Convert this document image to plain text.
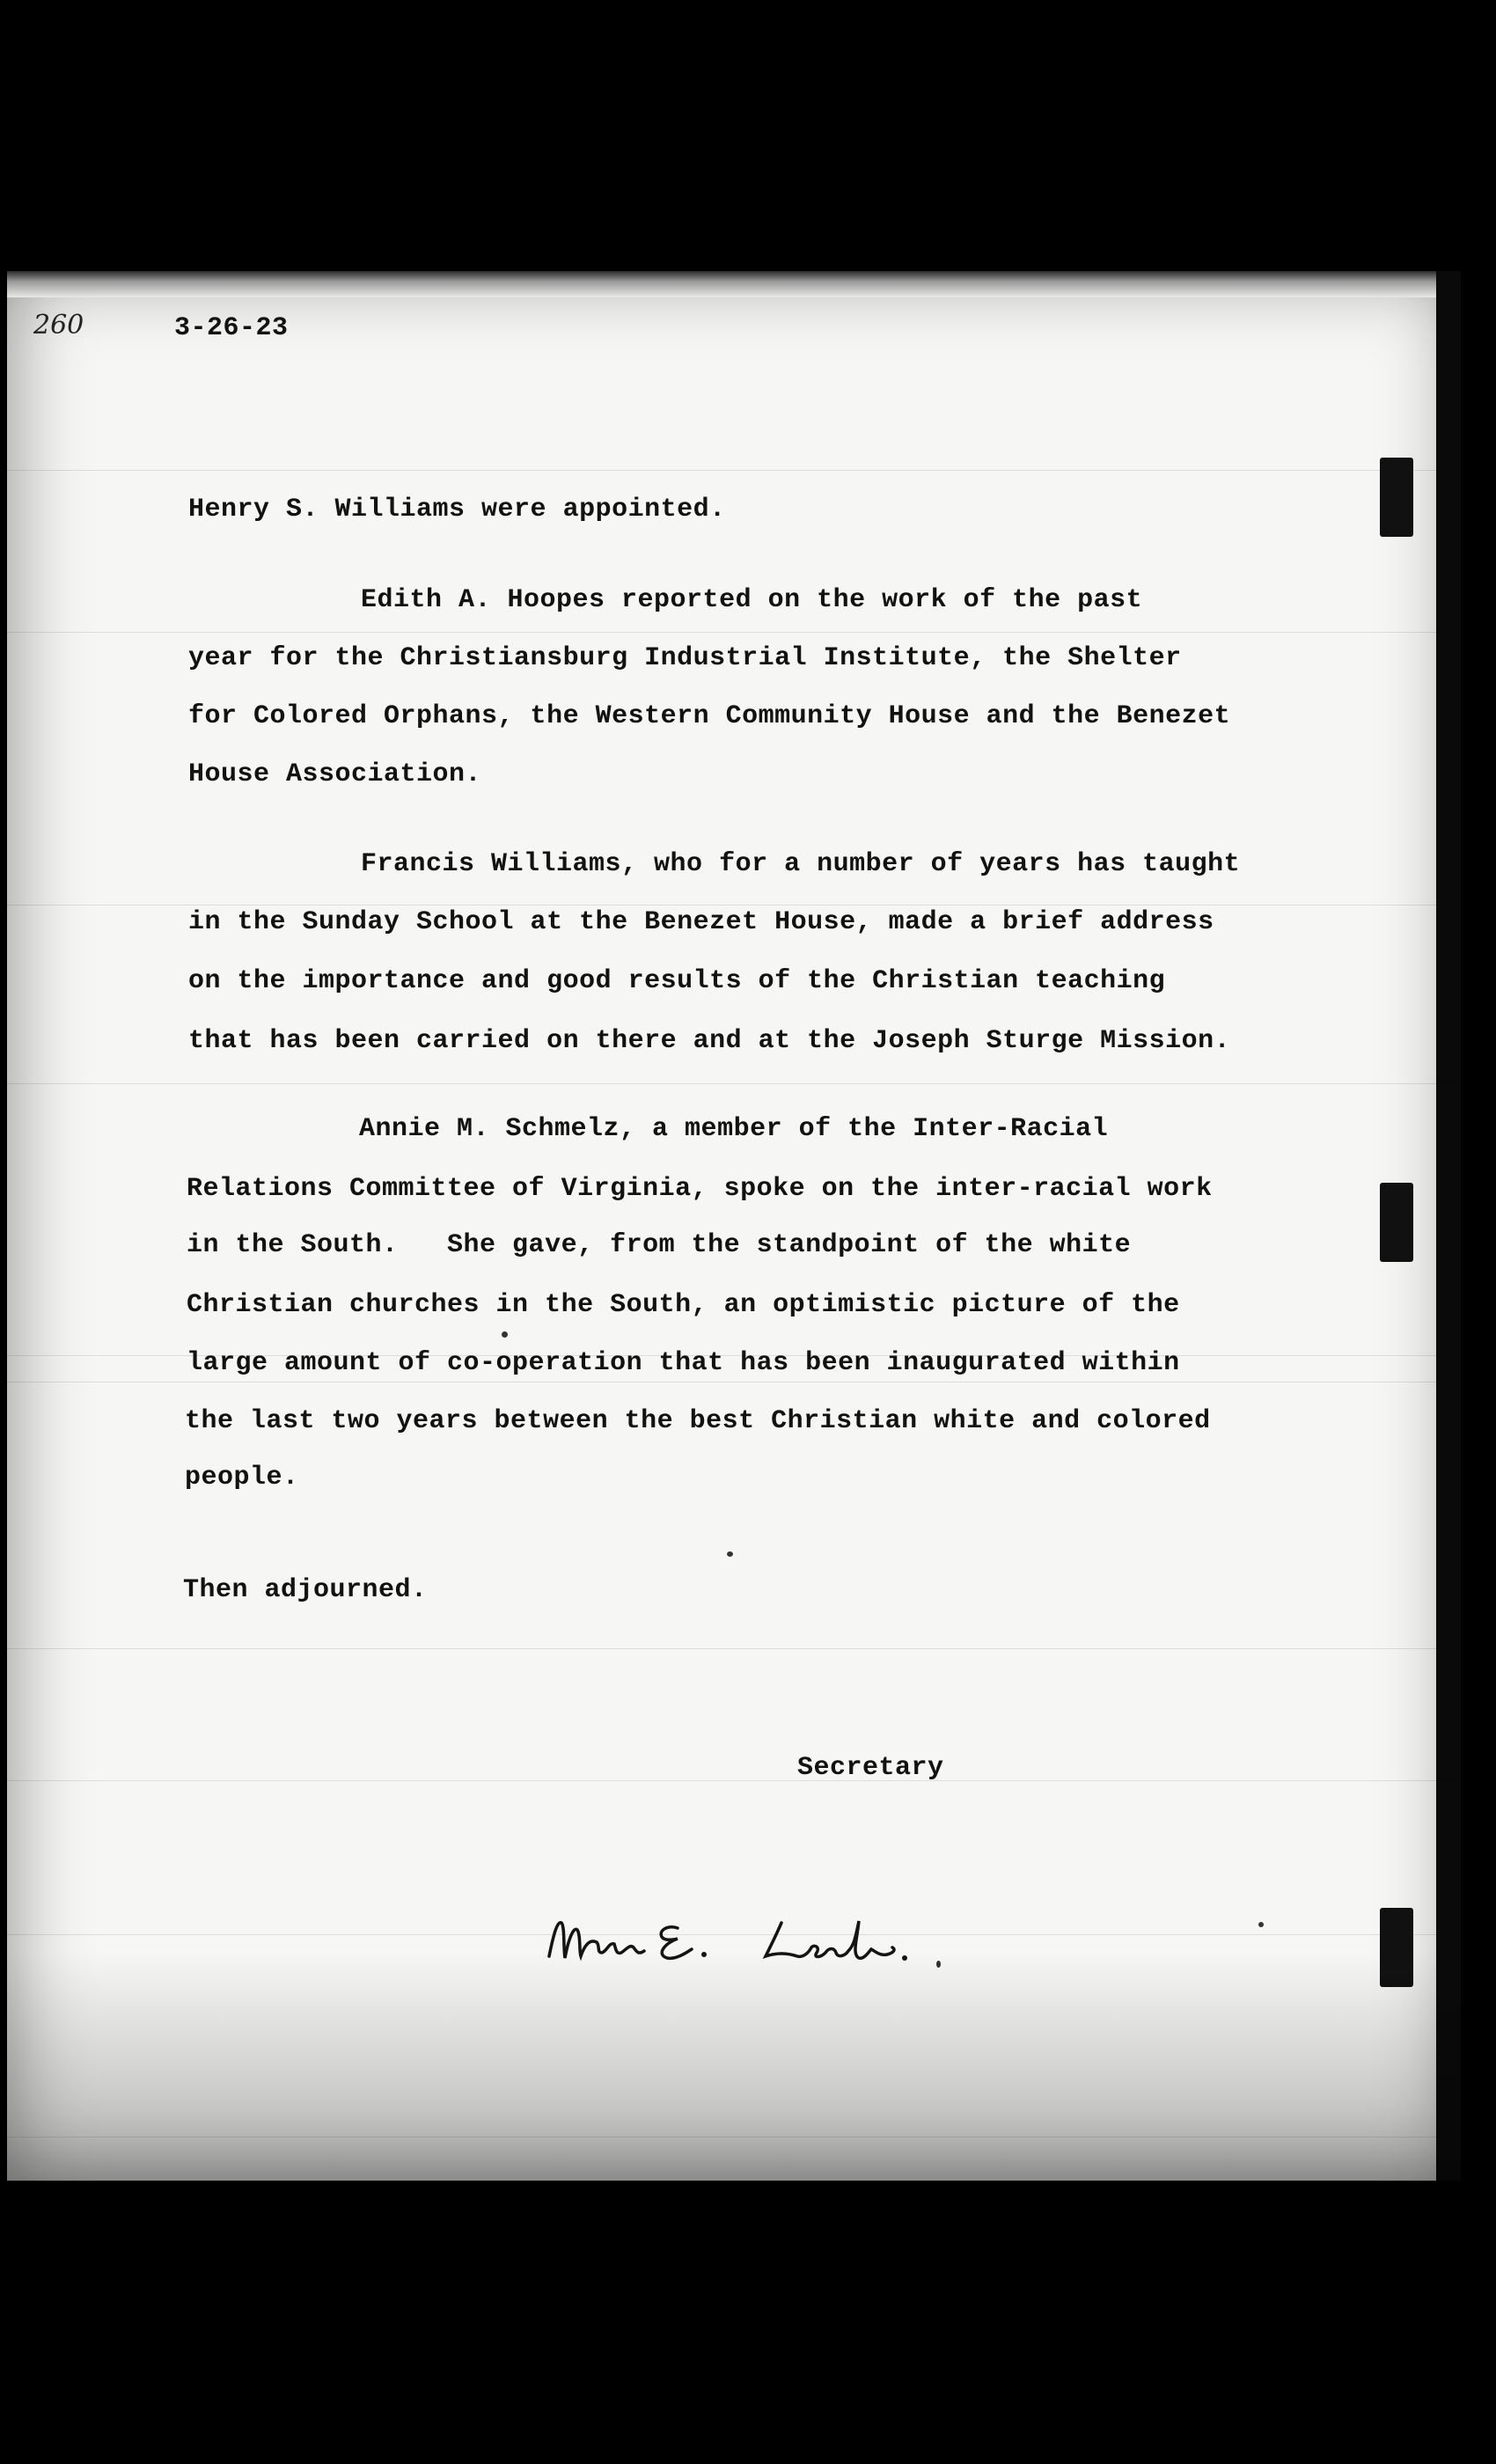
260	3-26-23
Henry S. Williams were appointed.
Edith A. Hoopes reported on the work of the past
year for the Christiansburg Industrial Institute, the Shelter
for Colored Orphans, the Western Community House and the Benezet
House Association.
Francis Williams, who for a number of years has taught
in the Sunday School at the Benezet House, made a brief address
on the importance and good results of the Christian teaching
that has been carried on there and at the Joseph Sturge Mission.
Annie M. Schmelz, a member of the Inter-Racial
Relations Committee of Virginia, spoke on the inter-racial work
in the South.   She gave, from the standpoint of the white
Christian churches in the South, an optimistic picture of the
large amount of co-operation that has been inaugurated within
the last two years between the best Christian white and colored
people.
Then adjourned.
Secretary
